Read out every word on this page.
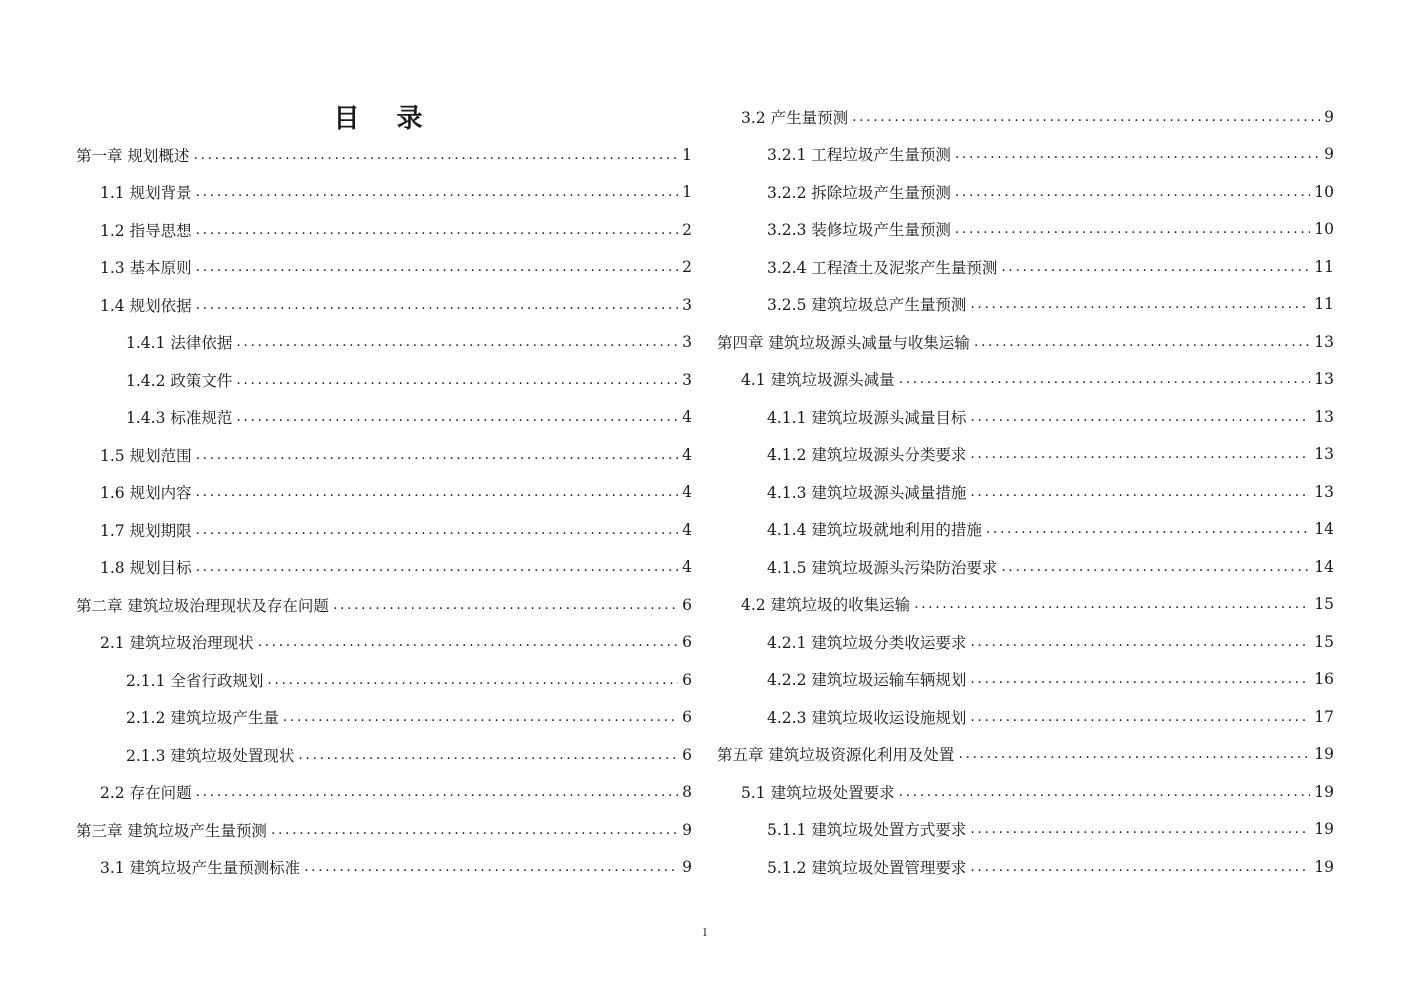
目 录
第一章 规划概述 .....	1
1.1 规划背景 .....	1
1.2 指导思想 .....	2
1.3 基本原则 .....	2
1.4 规划依据 .....	3
1.4.1 法律依据 .....	3
1.4.2 政策文件 .....	3
1.4.3 标准规范 .....	4
1.5 规划范围 .....	4
1.6 规划内容 .....	4
1.7 规划期限 .....	4
1.8 规划目标 .....	4
第二章 建筑垃圾治理现状及存在问题 .....	6
2.1 建筑垃圾治理现状 .....	6
2.1.1 全省行政规划 .....	6
2.1.2 建筑垃圾产生量 .....	6
2.1.3 建筑垃圾处置现状 .....	6
2.2 存在问题 .....	8
第三章 建筑垃圾产生量预测 .....	9
3.1 建筑垃圾产生量预测标准 .....	9
3.2 产生量预测 .....	9
3.2.1 工程垃圾产生量预测 .....	9
3.2.2 拆除垃圾产生量预测 .....	10
3.2.3 装修垃圾产生量预测 .....	10
3.2.4 工程渣土及泥浆产生量预测 .....	11
3.2.5 建筑垃圾总产生量预测 .....	11
第四章 建筑垃圾源头减量与收集运输 .....	13
4.1 建筑垃圾源头减量 .....	13
4.1.1 建筑垃圾源头减量目标 .....	13
4.1.2 建筑垃圾源头分类要求 .....	13
4.1.3 建筑垃圾源头减量措施 .....	13
4.1.4 建筑垃圾就地利用的措施 .....	14
4.1.5 建筑垃圾源头污染防治要求 .....	14
4.2 建筑垃圾的收集运输 .....	15
4.2.1 建筑垃圾分类收运要求 .....	15
4.2.2 建筑垃圾运输车辆规划 .....	16
4.2.3 建筑垃圾收运设施规划 .....	17
第五章 建筑垃圾资源化利用及处置 .....	19
5.1 建筑垃圾处置要求 .....	19
5.1.1 建筑垃圾处置方式要求 .....	19
5.1.2 建筑垃圾处置管理要求 .....	19
I
